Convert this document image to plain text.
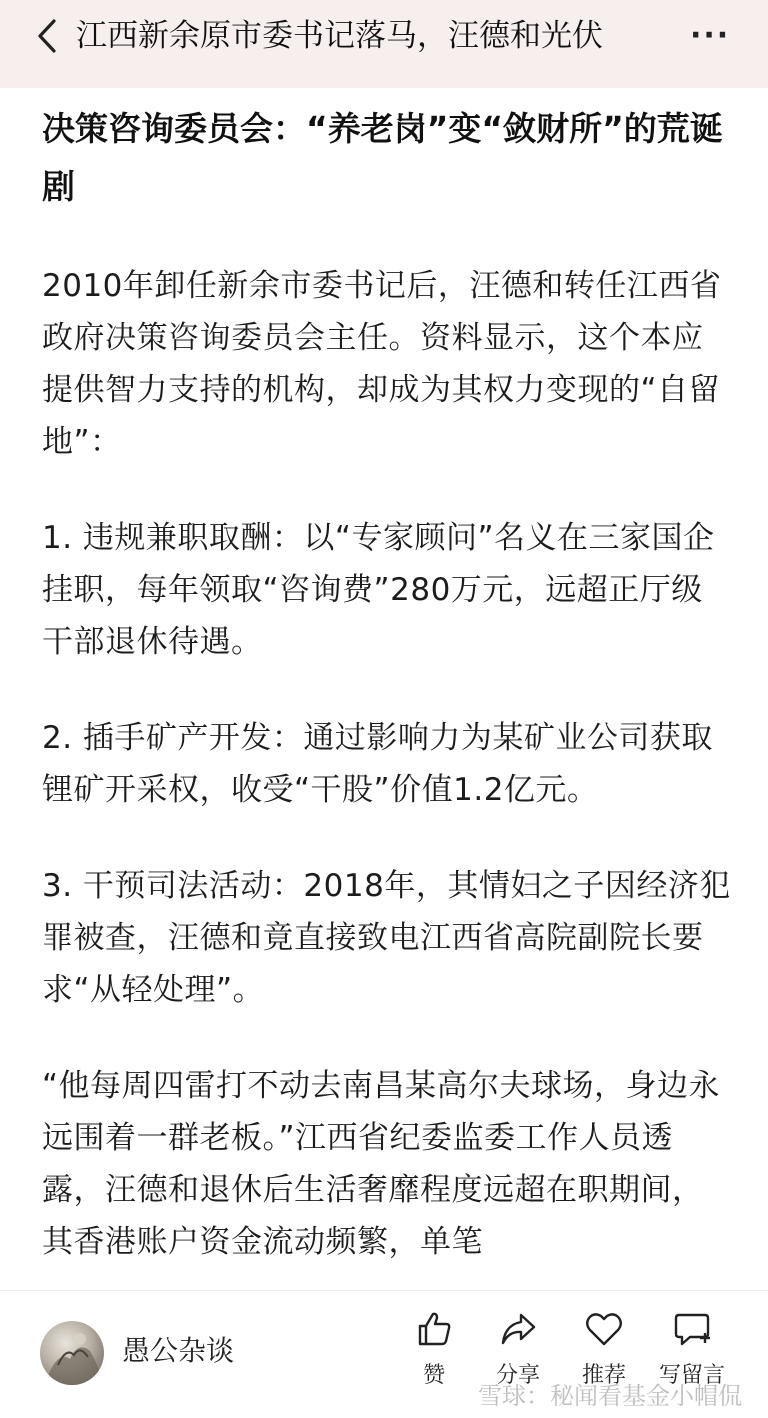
江西新余原市委书记落马，汪德和光伏	···
决策咨询委员会：“养老岗”变“敛财所”的荒诞剧

2010年卸任新余市委书记后，汪德和转任江西省政府决策咨询委员会主任。资料显示，这个本应提供智力支持的机构，却成为其权力变现的“自留地”：

1. 违规兼职取酬：以“专家顾问”名义在三家国企挂职，每年领取“咨询费”280万元，远超正厅级干部退休待遇。

2. 插手矿产开发：通过影响力为某矿业公司获取锂矿开采权，收受“干股”价值1.2亿元。

3. 干预司法活动：2018年，其情妇之子因经济犯罪被查，汪德和竟直接致电江西省高院副院长要求“从轻处理”。

“他每周四雷打不动去南昌某高尔夫球场，身边永远围着一群老板。”江西省纪委监委工作人员透露，汪德和退休后生活奢靡程度远超在职期间，其香港账户资金流动频繁，单笔

愚公杂谈
赞	分享	推荐	写留言
雪球：秘闻看基金小帽侃
